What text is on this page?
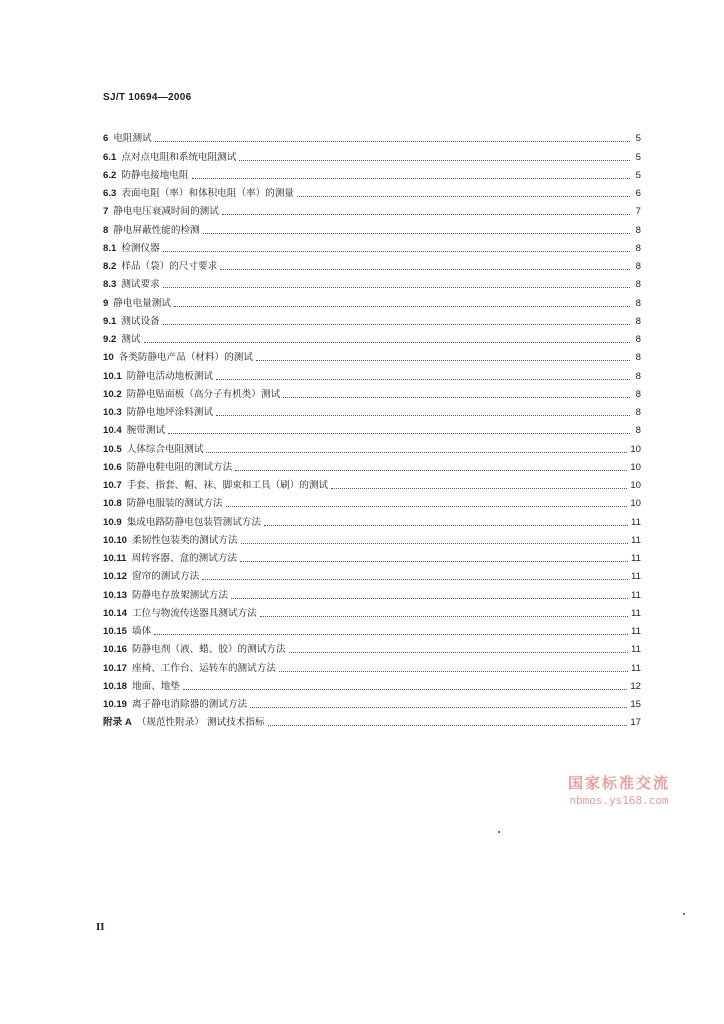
SJ/T 10694—2006
6 电阻测试	5
6.1 点对点电阻和系统电阻测试	5
6.2 防静电接地电阻	5
6.3 表面电阻（率）和体积电阻（率）的测量	6
7 静电电压衰减时间的测试	7
8 静电屏蔽性能的检测	8
8.1 检测仪器	8
8.2 样品（袋）的尺寸要求	8
8.3 测试要求	8
9 静电电量测试	8
9.1 测试设备	8
9.2 测试	8
10 各类防静电产品（材料）的测试	8
10.1 防静电活动地板测试	8
10.2 防静电贴面板（高分子有机类）测试	8
10.3 防静电地坪涂料测试	8
10.4 腕带测试	8
10.5 人体综合电阻测试	10
10.6 防静电鞋电阻的测试方法	10
10.7 手套、指套、帽、袜、脚束和工具（刷）的测试	10
10.8 防静电服装的测试方法	10
10.9 集成电路防静电包装管测试方法	11
10.10 柔韧性包装类的测试方法	11
10.11 周转容器、盒的测试方法	11
10.12 窗帘的测试方法	11
10.13 防静电存放架测试方法	11
10.14 工位与物流传送器具测试方法	11
10.15 墙体	11
10.16 防静电剂（液、蜡、胶）的测试方法	11
10.17 座椅、工作台、运转车的测试方法	11
10.18 地面、地垫	12
10.19 离子静电消除器的测试方法	15
附录 A （规范性附录） 测试技术指标	17
国家标准交流
nbmos.ys168.com
II
